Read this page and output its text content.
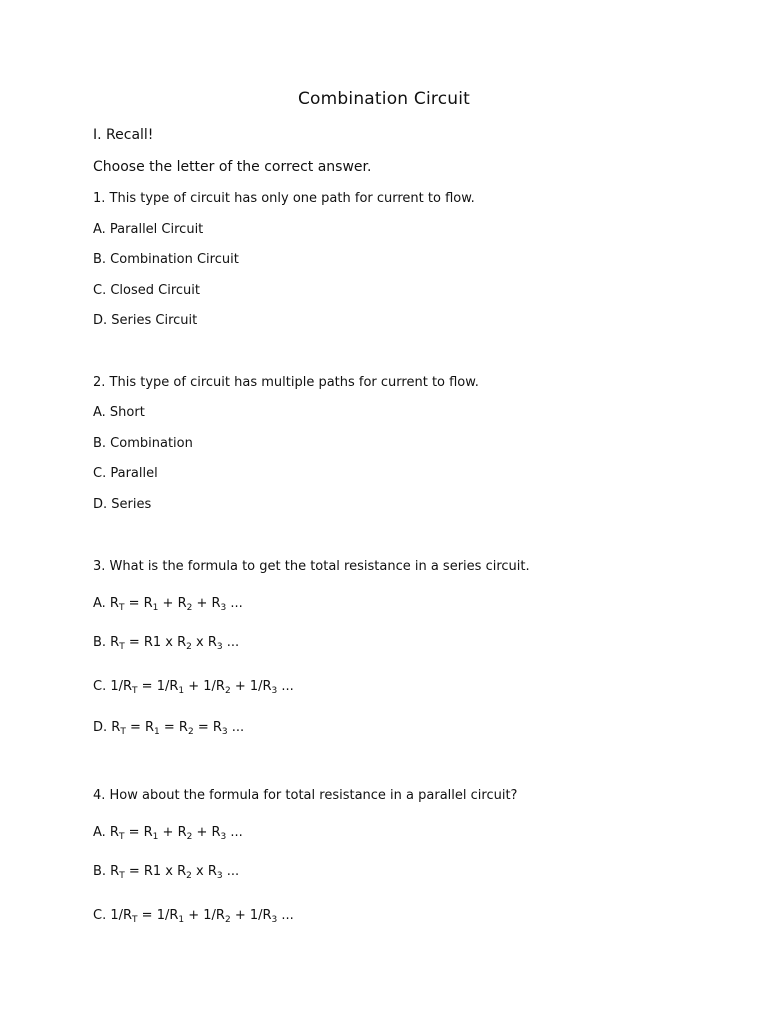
Combination Circuit
I. Recall!
Choose the letter of the correct answer.
1. This type of circuit has only one path for current to flow.
A. Parallel Circuit
B. Combination Circuit
C. Closed Circuit
D. Series Circuit
2. This type of circuit has multiple paths for current to flow.
A. Short
B. Combination
C. Parallel
D. Series
3. What is the formula to get the total resistance in a series circuit.
A. $R_T = R_1 + R_2 + R_3$ ...
B. $R_T = R1$ x $R_2$ x $R_3$ ...
C. $1/R_T = 1/R_1 + 1/R_2 + 1/R_3$ ...
D. $R_T = R_1 = R_2 = R_3$ ...
4. How about the formula for total resistance in a parallel circuit?
A. $R_T = R_1 + R_2 + R_3$ ...
B. $R_T = R1$ x $R_2$ x $R_3$ ...
C. $1/R_T = 1/R_1 + 1/R_2 + 1/R_3$ ...
